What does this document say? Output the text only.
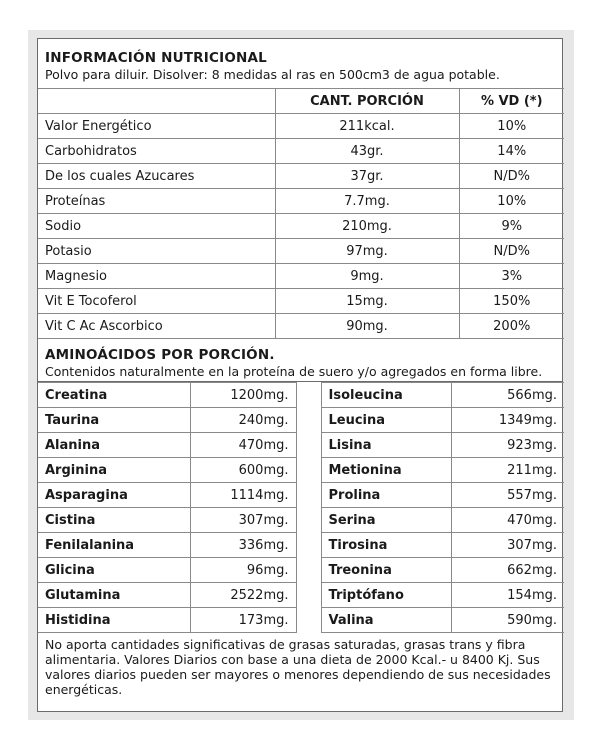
INFORMACIÓN NUTRICIONAL
Polvo para diluir. Disolver: 8 medidas al ras en 500cm3 de agua potable.
	CANT. PORCIÓN	% VD (*)
Valor Energético	211kcal.	10%
Carbohidratos	43gr.	14%
De los cuales Azucares	37gr.	N/D%
Proteínas	7.7mg.	10%
Sodio	210mg.	9%
Potasio	97mg.	N/D%
Magnesio	9mg.	3%
Vit E Tocoferol	15mg.	150%
Vit C Ac Ascorbico	90mg.	200%
AMINOÁCIDOS POR PORCIÓN.
Contenidos naturalmente en la proteína de suero y/o agregados en forma libre.
Creatina	1200mg.		Isoleucina	566mg.
Taurina	240mg.		Leucina	1349mg.
Alanina	470mg.		Lisina	923mg.
Arginina	600mg.		Metionina	211mg.
Asparagina	1114mg.		Prolina	557mg.
Cistina	307mg.		Serina	470mg.
Fenilalanina	336mg.		Tirosina	307mg.
Glicina	96mg.		Treonina	662mg.
Glutamina	2522mg.		Triptófano	154mg.
Histidina	173mg.		Valina	590mg.
No aporta cantidades significativas de grasas saturadas, grasas trans y fibra alimentaria. Valores Diarios con base a una dieta de 2000 Kcal.- u 8400 Kj. Sus valores diarios pueden ser mayores o menores dependiendo de sus necesidades energéticas.
